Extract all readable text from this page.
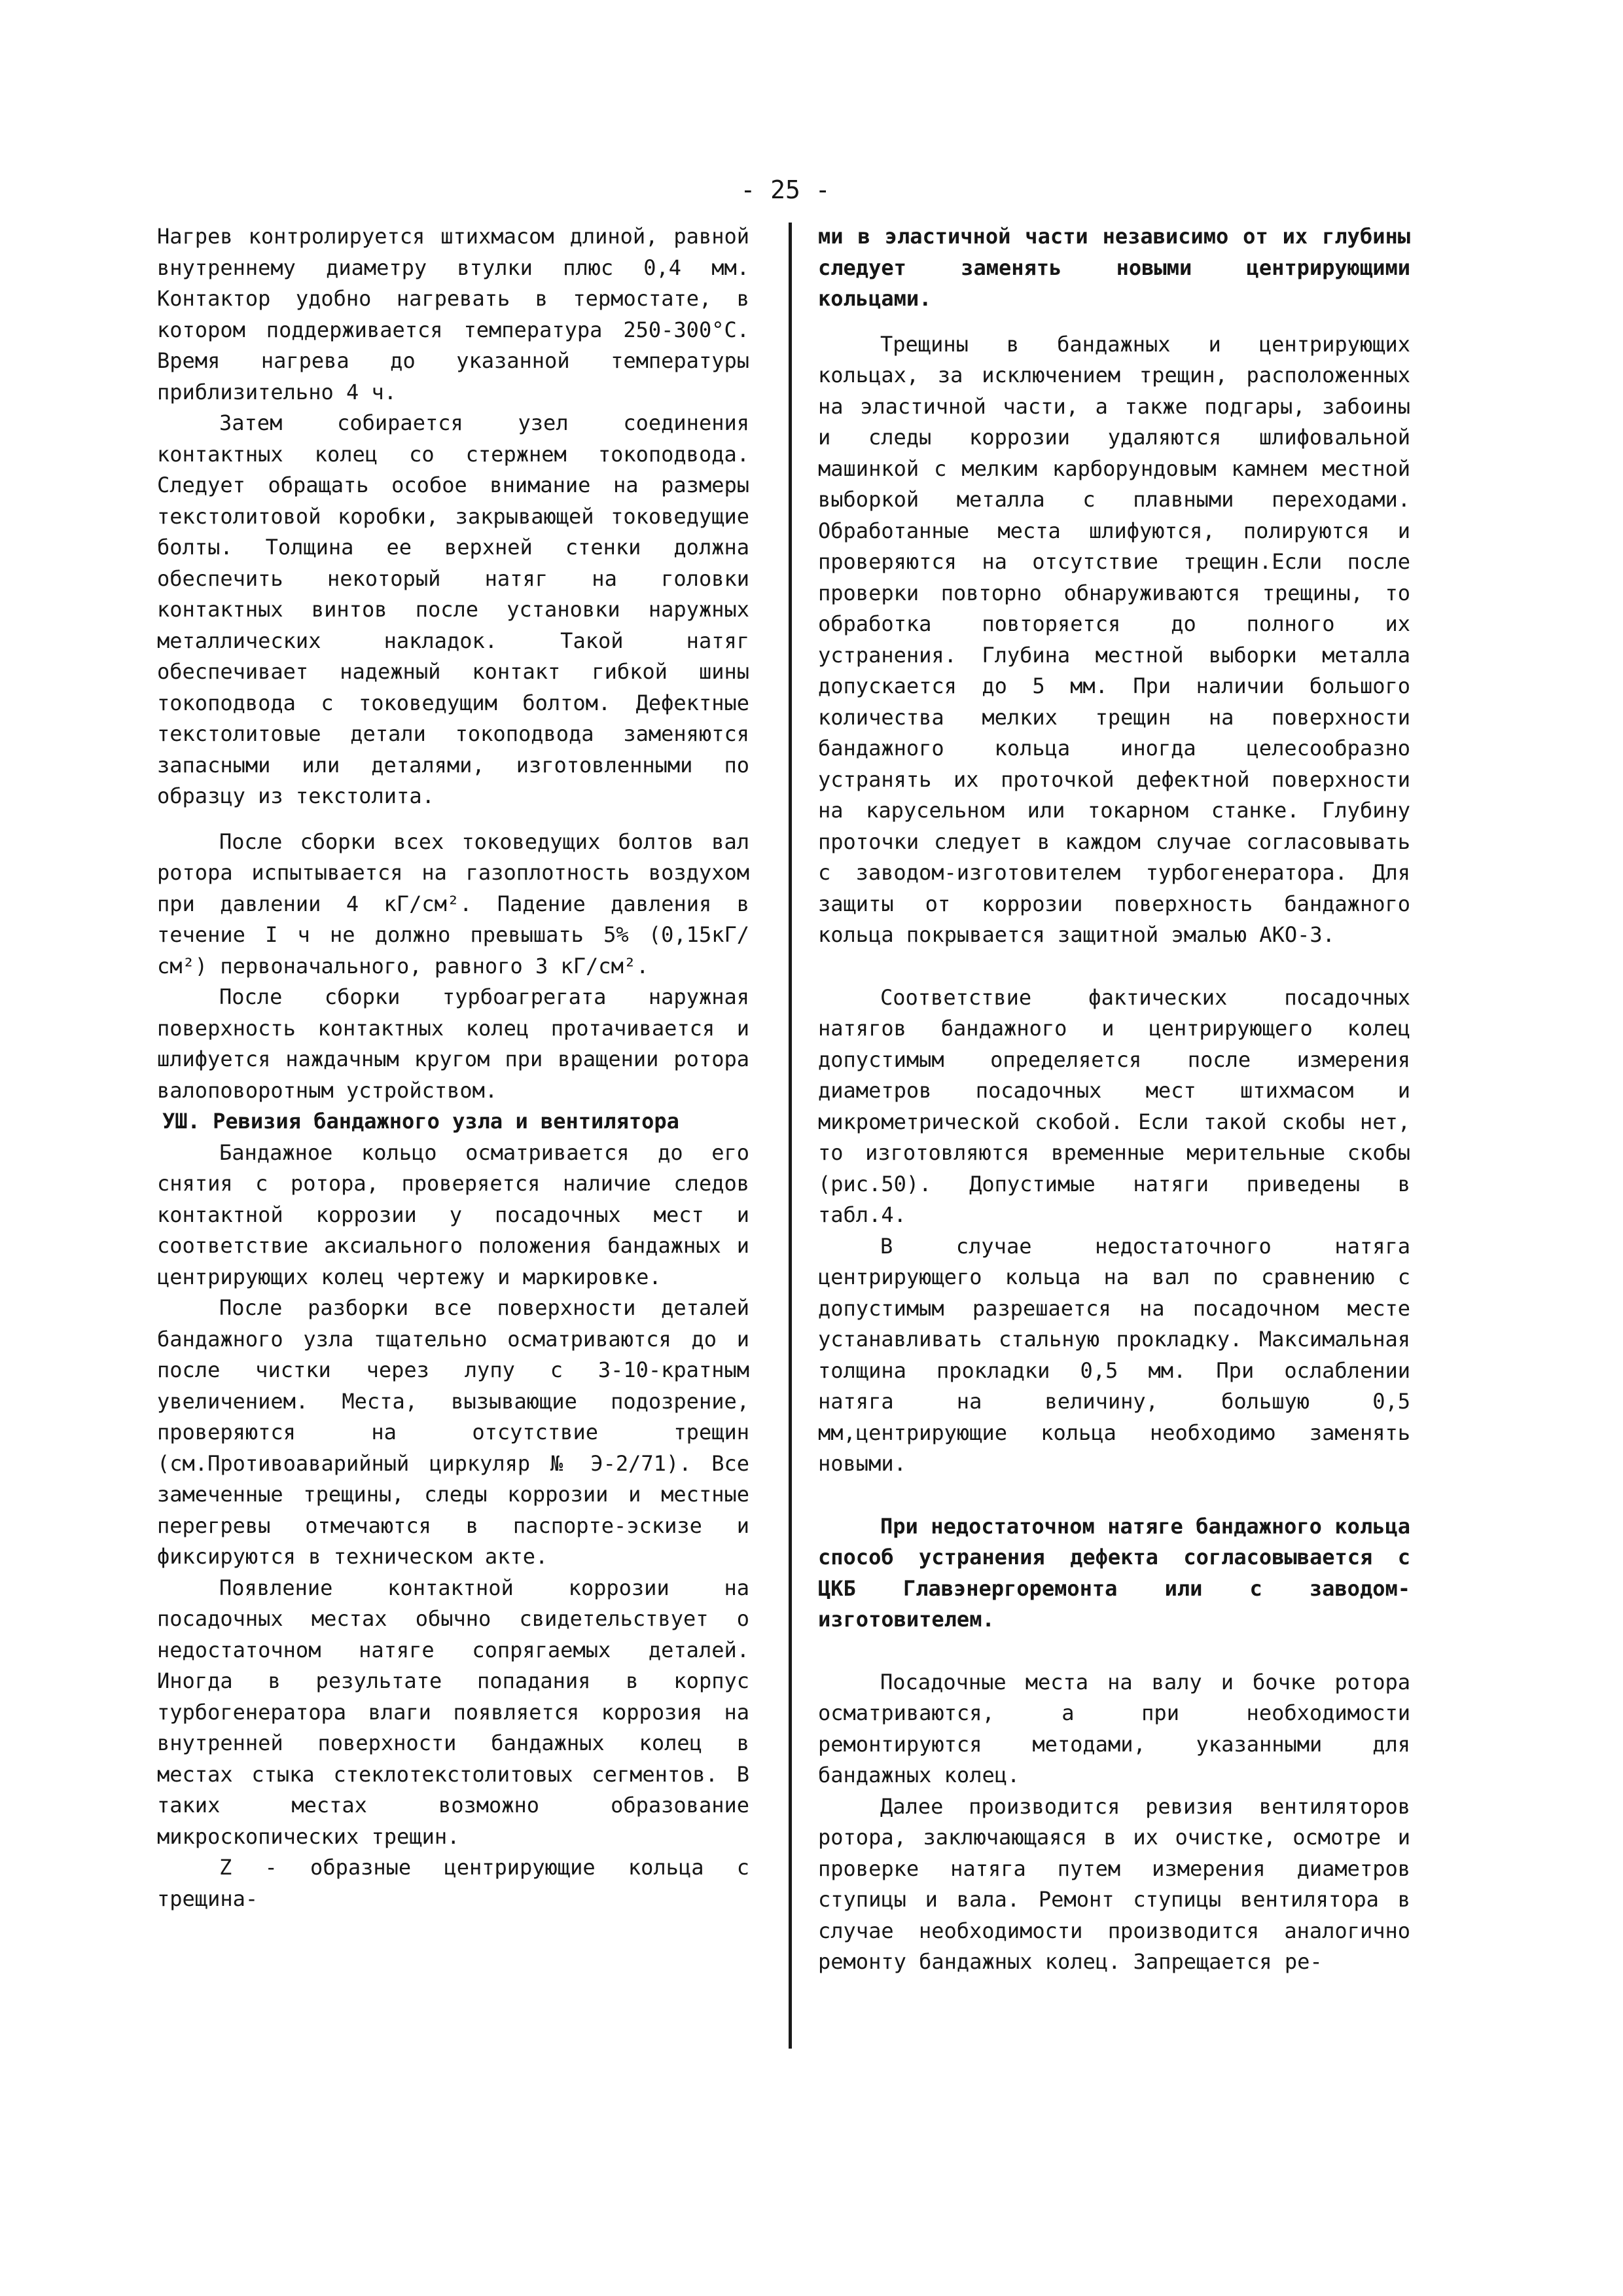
- 25 -

Нагрев контролируется штихмасом длиной, равной внутреннему диаметру втулки плюс 0,4 мм. Контактор удобно нагревать в термостате, в котором поддерживается температура 250-300°С. Время нагрева до указанной температуры приблизительно 4 ч.

Затем собирается узел соединения контактных колец со стержнем токоподвода. Следует обращать особое внимание на размеры текстолитовой коробки, закрывающей токоведущие болты. Толщина ее верхней стенки должна обеспечить некоторый натяг на головки контактных винтов после установки наружных металлических накладок. Такой натяг обеспечивает надежный контакт гибкой шины токоподвода с токоведущим болтом. Дефектные текстолитовые детали токоподвода заменяются запасными или деталями, изготовленными по образцу из текстолита.

После сборки всех токоведущих болтов вал ротора испытывается на газоплотность воздухом при давлении 4 кГ/см². Падение давления в течение I ч не должно превышать 5% (0,15кГ/см²) первоначального, равного 3 кГ/см².

После сборки турбоагрегата наружная поверхность контактных колец протачивается и шлифуется наждачным кругом при вращении ротора валоповоротным устройством.

УШ. Ревизия бандажного узла и вентилятора

Бандажное кольцо осматривается до его снятия с ротора, проверяется наличие следов контактной коррозии у посадочных мест и соответствие аксиального положения бандажных и центрирующих колец чертежу и маркировке.

После разборки все поверхности деталей бандажного узла тщательно осматриваются до и после чистки через лупу с 3-10-кратным увеличением. Места, вызывающие подозрение, проверяются на отсутствие трещин (см.Противоаварийный циркуляр № Э-2/71). Все замеченные трещины, следы коррозии и местные перегревы отмечаются в паспорте-эскизе и фиксируются в техническом акте.

Появление контактной коррозии на посадочных местах обычно свидетельствует о недостаточном натяге сопрягаемых деталей. Иногда в результате попадания в корпус турбогенератора влаги появляется коррозия на внутренней поверхности бандажных колец в местах стыка стеклотекстолитовых сегментов. В таких местах возможно образование микроскопических трещин.

Z - образные центрирующие кольца с трещина-

ми в эластичной части независимо от их глубины следует заменять новыми центрирующими кольцами.

Трещины в бандажных и центрирующих кольцах, за исключением трещин, расположенных на эластичной части, а также подгары, забоины и следы коррозии удаляются шлифовальной машинкой с мелким карборундовым камнем местной выборкой металла с плавными переходами. Обработанные места шлифуются, полируются и проверяются на отсутствие трещин.Если после проверки повторно обнаруживаются трещины, то обработка повторяется до полного их устранения. Глубина местной выборки металла допускается до 5 мм. При наличии большого количества мелких трещин на поверхности бандажного кольца иногда целесообразно устранять их проточкой дефектной поверхности на карусельном или токарном станке. Глубину проточки следует в каждом случае согласовывать с заводом-изготовителем турбогенератора. Для защиты от коррозии поверхность бандажного кольца покрывается защитной эмалью АКО-3.

Соответствие фактических посадочных натягов бандажного и центрирующего колец допустимым определяется после измерения диаметров посадочных мест штихмасом и микрометрической скобой. Если такой скобы нет, то изготовляются временные мерительные скобы (рис.50). Допустимые натяги приведены в табл.4.

В случае недостаточного натяга центрирующего кольца на вал по сравнению с допустимым разрешается на посадочном месте устанавливать стальную прокладку. Максимальная толщина прокладки 0,5 мм. При ослаблении натяга на величину, большую 0,5 мм,центрирующие кольца необходимо заменять новыми.

При недостаточном натяге бандажного кольца способ устранения дефекта согласовывается с ЦКБ Главэнергоремонта или с заводом-изготовителем.

Посадочные места на валу и бочке ротора осматриваются, а при необходимости ремонтируются методами, указанными для бандажных колец.

Далее производится ревизия вентиляторов ротора, заключающаяся в их очистке, осмотре и проверке натяга путем измерения диаметров ступицы и вала. Ремонт ступицы вентилятора в случае необходимости производится аналогично ремонту бандажных колец. Запрещается ре-
